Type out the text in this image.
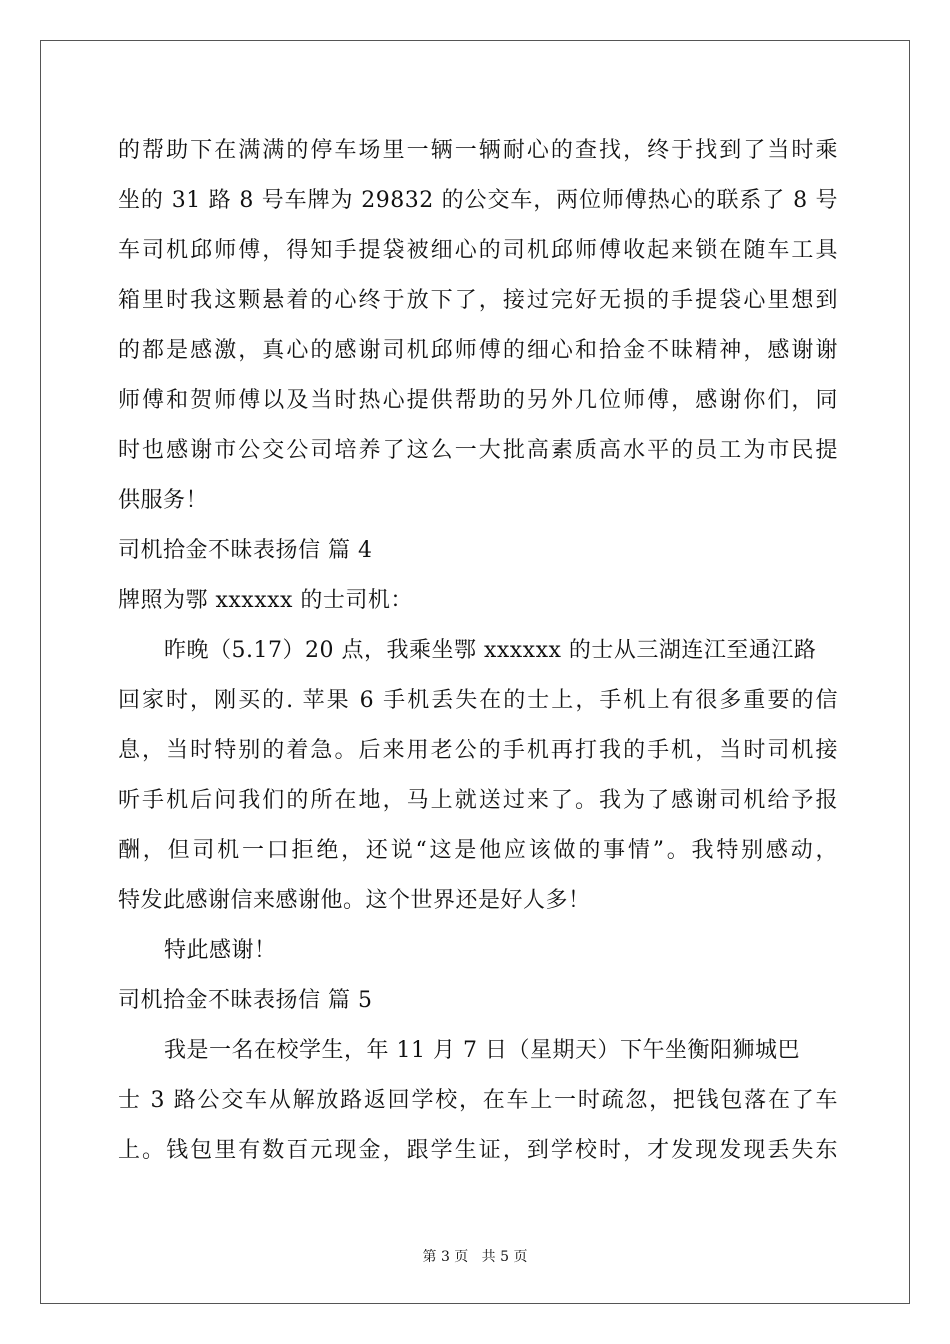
的帮助下在满满的停车场里一辆一辆耐心的查找，终于找到了当时乘
坐的 31 路 8 号车牌为 29832 的公交车，两位师傅热心的联系了 8 号
车司机邱师傅，得知手提袋被细心的司机邱师傅收起来锁在随车工具
箱里时我这颗悬着的心终于放下了，接过完好无损的手提袋心里想到
的都是感激，真心的感谢司机邱师傅的细心和拾金不昧精神，感谢谢
师傅和贺师傅以及当时热心提供帮助的另外几位师傅，感谢你们，同
时也感谢市公交公司培养了这么一大批高素质高水平的员工为市民提
供服务！
司机拾金不昧表扬信 篇 4
牌照为鄂 xxxxxx 的士司机：
昨晚（5.17）20 点，我乘坐鄂 xxxxxx 的士从三湖连江至通江路
回家时，刚买的. 苹果 6 手机丢失在的士上，手机上有很多重要的信
息，当时特别的着急。后来用老公的手机再打我的手机，当时司机接
听手机后问我们的所在地，马上就送过来了。我为了感谢司机给予报
酬，但司机一口拒绝，还说“这是他应该做的事情”。我特别感动，
特发此感谢信来感谢他。这个世界还是好人多！
特此感谢！
司机拾金不昧表扬信 篇 5
我是一名在校学生，年 11 月 7 日（星期天）下午坐衡阳狮城巴
士 3 路公交车从解放路返回学校，在车上一时疏忽，把钱包落在了车
上。钱包里有数百元现金，跟学生证，到学校时，才发现发现丢失东
第 3 页 共 5 页
